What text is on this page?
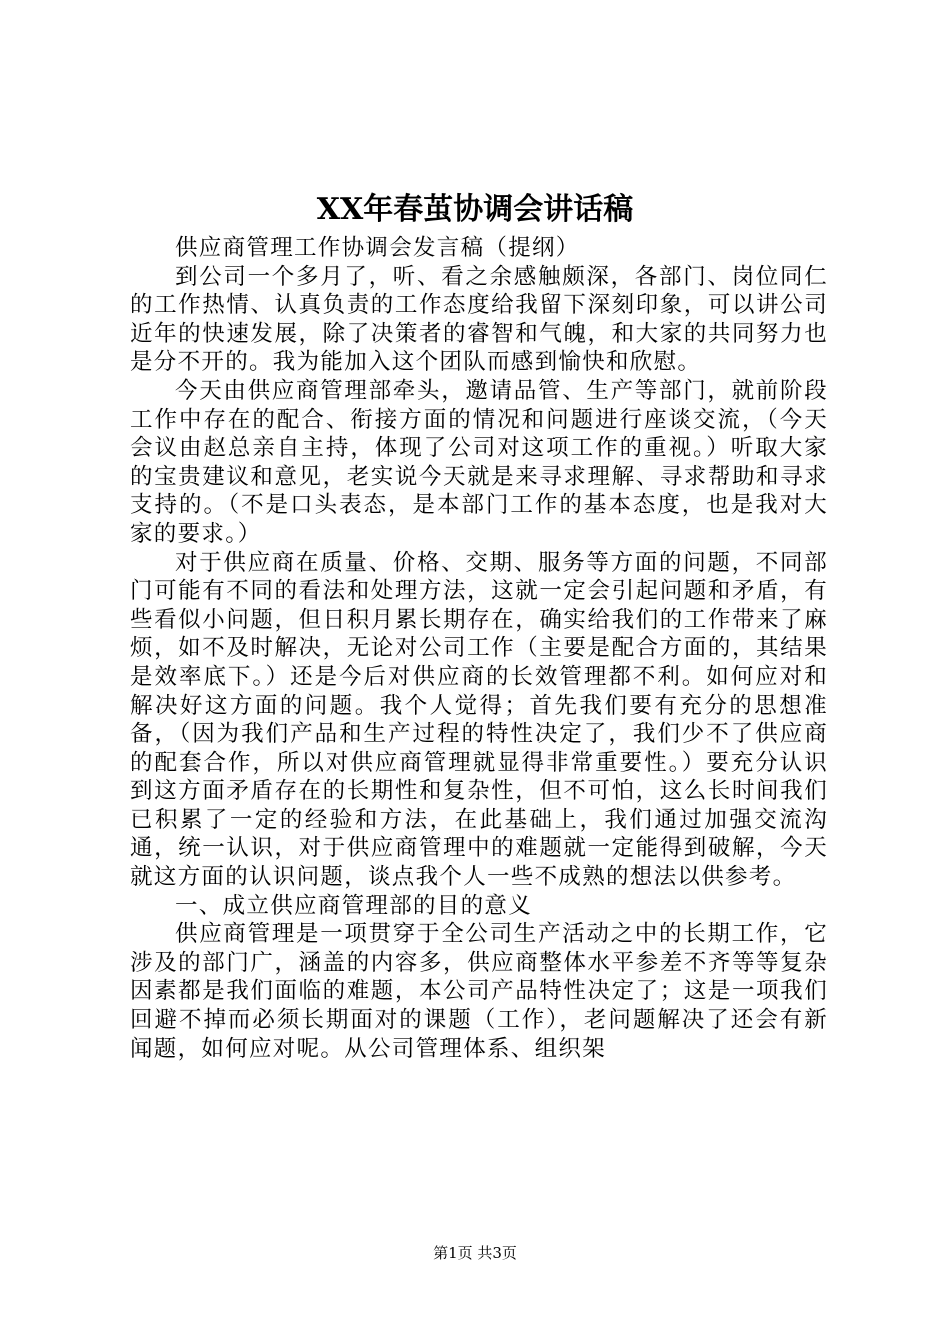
XX年春茧协调会讲话稿

供应商管理工作协调会发言稿（提纲）

到公司一个多月了，听、看之余感触颇深，各部门、岗位同仁的工作热情、认真负责的工作态度给我留下深刻印象，可以讲公司近年的快速发展，除了决策者的睿智和气魄，和大家的共同努力也是分不开的。我为能加入这个团队而感到愉快和欣慰。

今天由供应商管理部牵头，邀请品管、生产等部门，就前阶段工作中存在的配合、衔接方面的情况和问题进行座谈交流，（今天会议由赵总亲自主持，体现了公司对这项工作的重视。）听取大家的宝贵建议和意见，老实说今天就是来寻求理解、寻求帮助和寻求支持的。（不是口头表态，是本部门工作的基本态度，也是我对大家的要求。）

对于供应商在质量、价格、交期、服务等方面的问题，不同部门可能有不同的看法和处理方法，这就一定会引起问题和矛盾，有些看似小问题，但日积月累长期存在，确实给我们的工作带来了麻烦，如不及时解决，无论对公司工作（主要是配合方面的，其结果是效率底下。）还是今后对供应商的长效管理都不利。如何应对和解决好这方面的问题。我个人觉得；首先我们要有充分的思想准备，（因为我们产品和生产过程的特性决定了，我们少不了供应商的配套合作，所以对供应商管理就显得非常重要性。）要充分认识到这方面矛盾存在的长期性和复杂性，但不可怕，这么长时间我们已积累了一定的经验和方法，在此基础上，我们通过加强交流沟通，统一认识，对于供应商管理中的难题就一定能得到破解，今天就这方面的认识问题，谈点我个人一些不成熟的想法以供参考。

一、成立供应商管理部的目的意义

供应商管理是一项贯穿于全公司生产活动之中的长期工作，它涉及的部门广，涵盖的内容多，供应商整体水平参差不齐等等复杂因素都是我们面临的难题，本公司产品特性决定了；这是一项我们回避不掉而必须长期面对的课题（工作），老问题解决了还会有新闻题，如何应对呢。从公司管理体系、组织架

第1页 共3页
